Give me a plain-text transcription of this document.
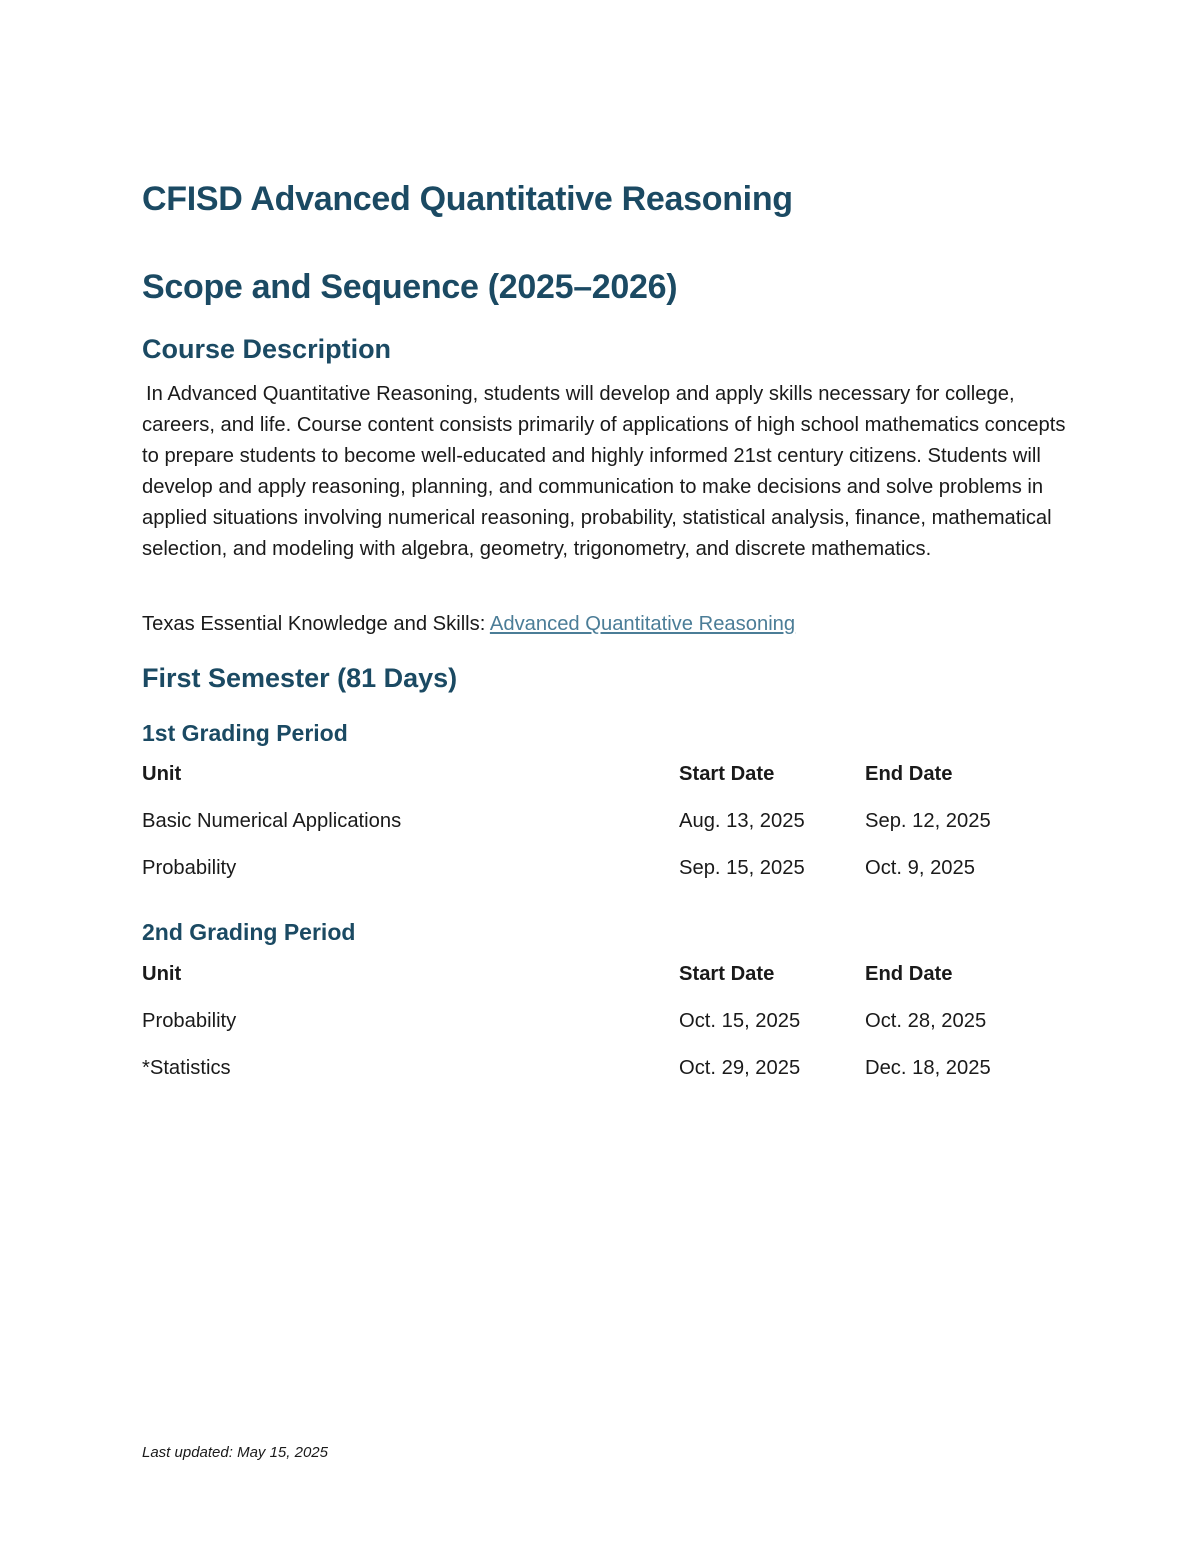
CFISD Advanced Quantitative Reasoning
Scope and Sequence (2025–2026)
Course Description

In Advanced Quantitative Reasoning, students will develop and apply skills necessary for college, careers, and life. Course content consists primarily of applications of high school mathematics concepts to prepare students to become well-educated and highly informed 21st century citizens. Students will develop and apply reasoning, planning, and communication to make decisions and solve problems in applied situations involving numerical reasoning, probability, statistical analysis, finance, mathematical selection, and modeling with algebra, geometry, trigonometry, and discrete mathematics.

Texas Essential Knowledge and Skills: Advanced Quantitative Reasoning

First Semester (81 Days)
1st Grading Period
Unit	Start Date	End Date
Basic Numerical Applications	Aug. 13, 2025	Sep. 12, 2025
Probability	Sep. 15, 2025	Oct. 9, 2025
2nd Grading Period
Unit	Start Date	End Date
Probability	Oct. 15, 2025	Oct. 28, 2025
*Statistics	Oct. 29, 2025	Dec. 18, 2025

Last updated: May 15, 2025
